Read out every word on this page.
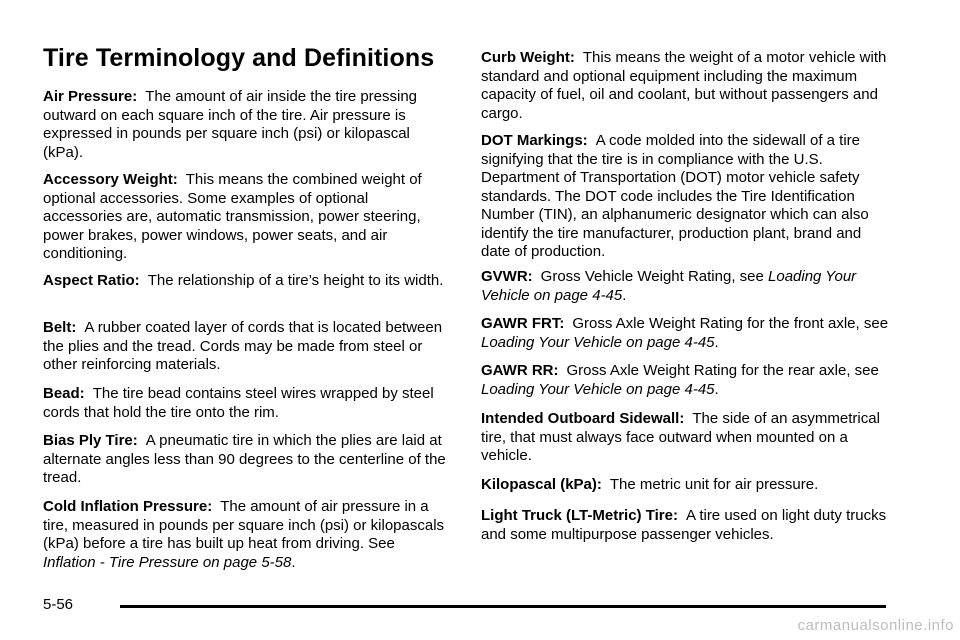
Tire Terminology and Definitions

Air Pressure: The amount of air inside the tire pressing outward on each square inch of the tire. Air pressure is expressed in pounds per square inch (psi) or kilopascal (kPa).

Accessory Weight: This means the combined weight of optional accessories. Some examples of optional accessories are, automatic transmission, power steering, power brakes, power windows, power seats, and air conditioning.

Aspect Ratio: The relationship of a tire’s height to its width.

Belt: A rubber coated layer of cords that is located between the plies and the tread. Cords may be made from steel or other reinforcing materials.

Bead: The tire bead contains steel wires wrapped by steel cords that hold the tire onto the rim.

Bias Ply Tire: A pneumatic tire in which the plies are laid at alternate angles less than 90 degrees to the centerline of the tread.

Cold Inflation Pressure: The amount of air pressure in a tire, measured in pounds per square inch (psi) or kilopascals (kPa) before a tire has built up heat from driving. See Inflation - Tire Pressure on page 5-58.

Curb Weight: This means the weight of a motor vehicle with standard and optional equipment including the maximum capacity of fuel, oil and coolant, but without passengers and cargo.

DOT Markings: A code molded into the sidewall of a tire signifying that the tire is in compliance with the U.S. Department of Transportation (DOT) motor vehicle safety standards. The DOT code includes the Tire Identification Number (TIN), an alphanumeric designator which can also identify the tire manufacturer, production plant, brand and date of production.

GVWR: Gross Vehicle Weight Rating, see Loading Your Vehicle on page 4-45.

GAWR FRT: Gross Axle Weight Rating for the front axle, see Loading Your Vehicle on page 4-45.

GAWR RR: Gross Axle Weight Rating for the rear axle, see Loading Your Vehicle on page 4-45.

Intended Outboard Sidewall: The side of an asymmetrical tire, that must always face outward when mounted on a vehicle.

Kilopascal (kPa): The metric unit for air pressure.

Light Truck (LT-Metric) Tire: A tire used on light duty trucks and some multipurpose passenger vehicles.

5-56
carmanualsonline.info
